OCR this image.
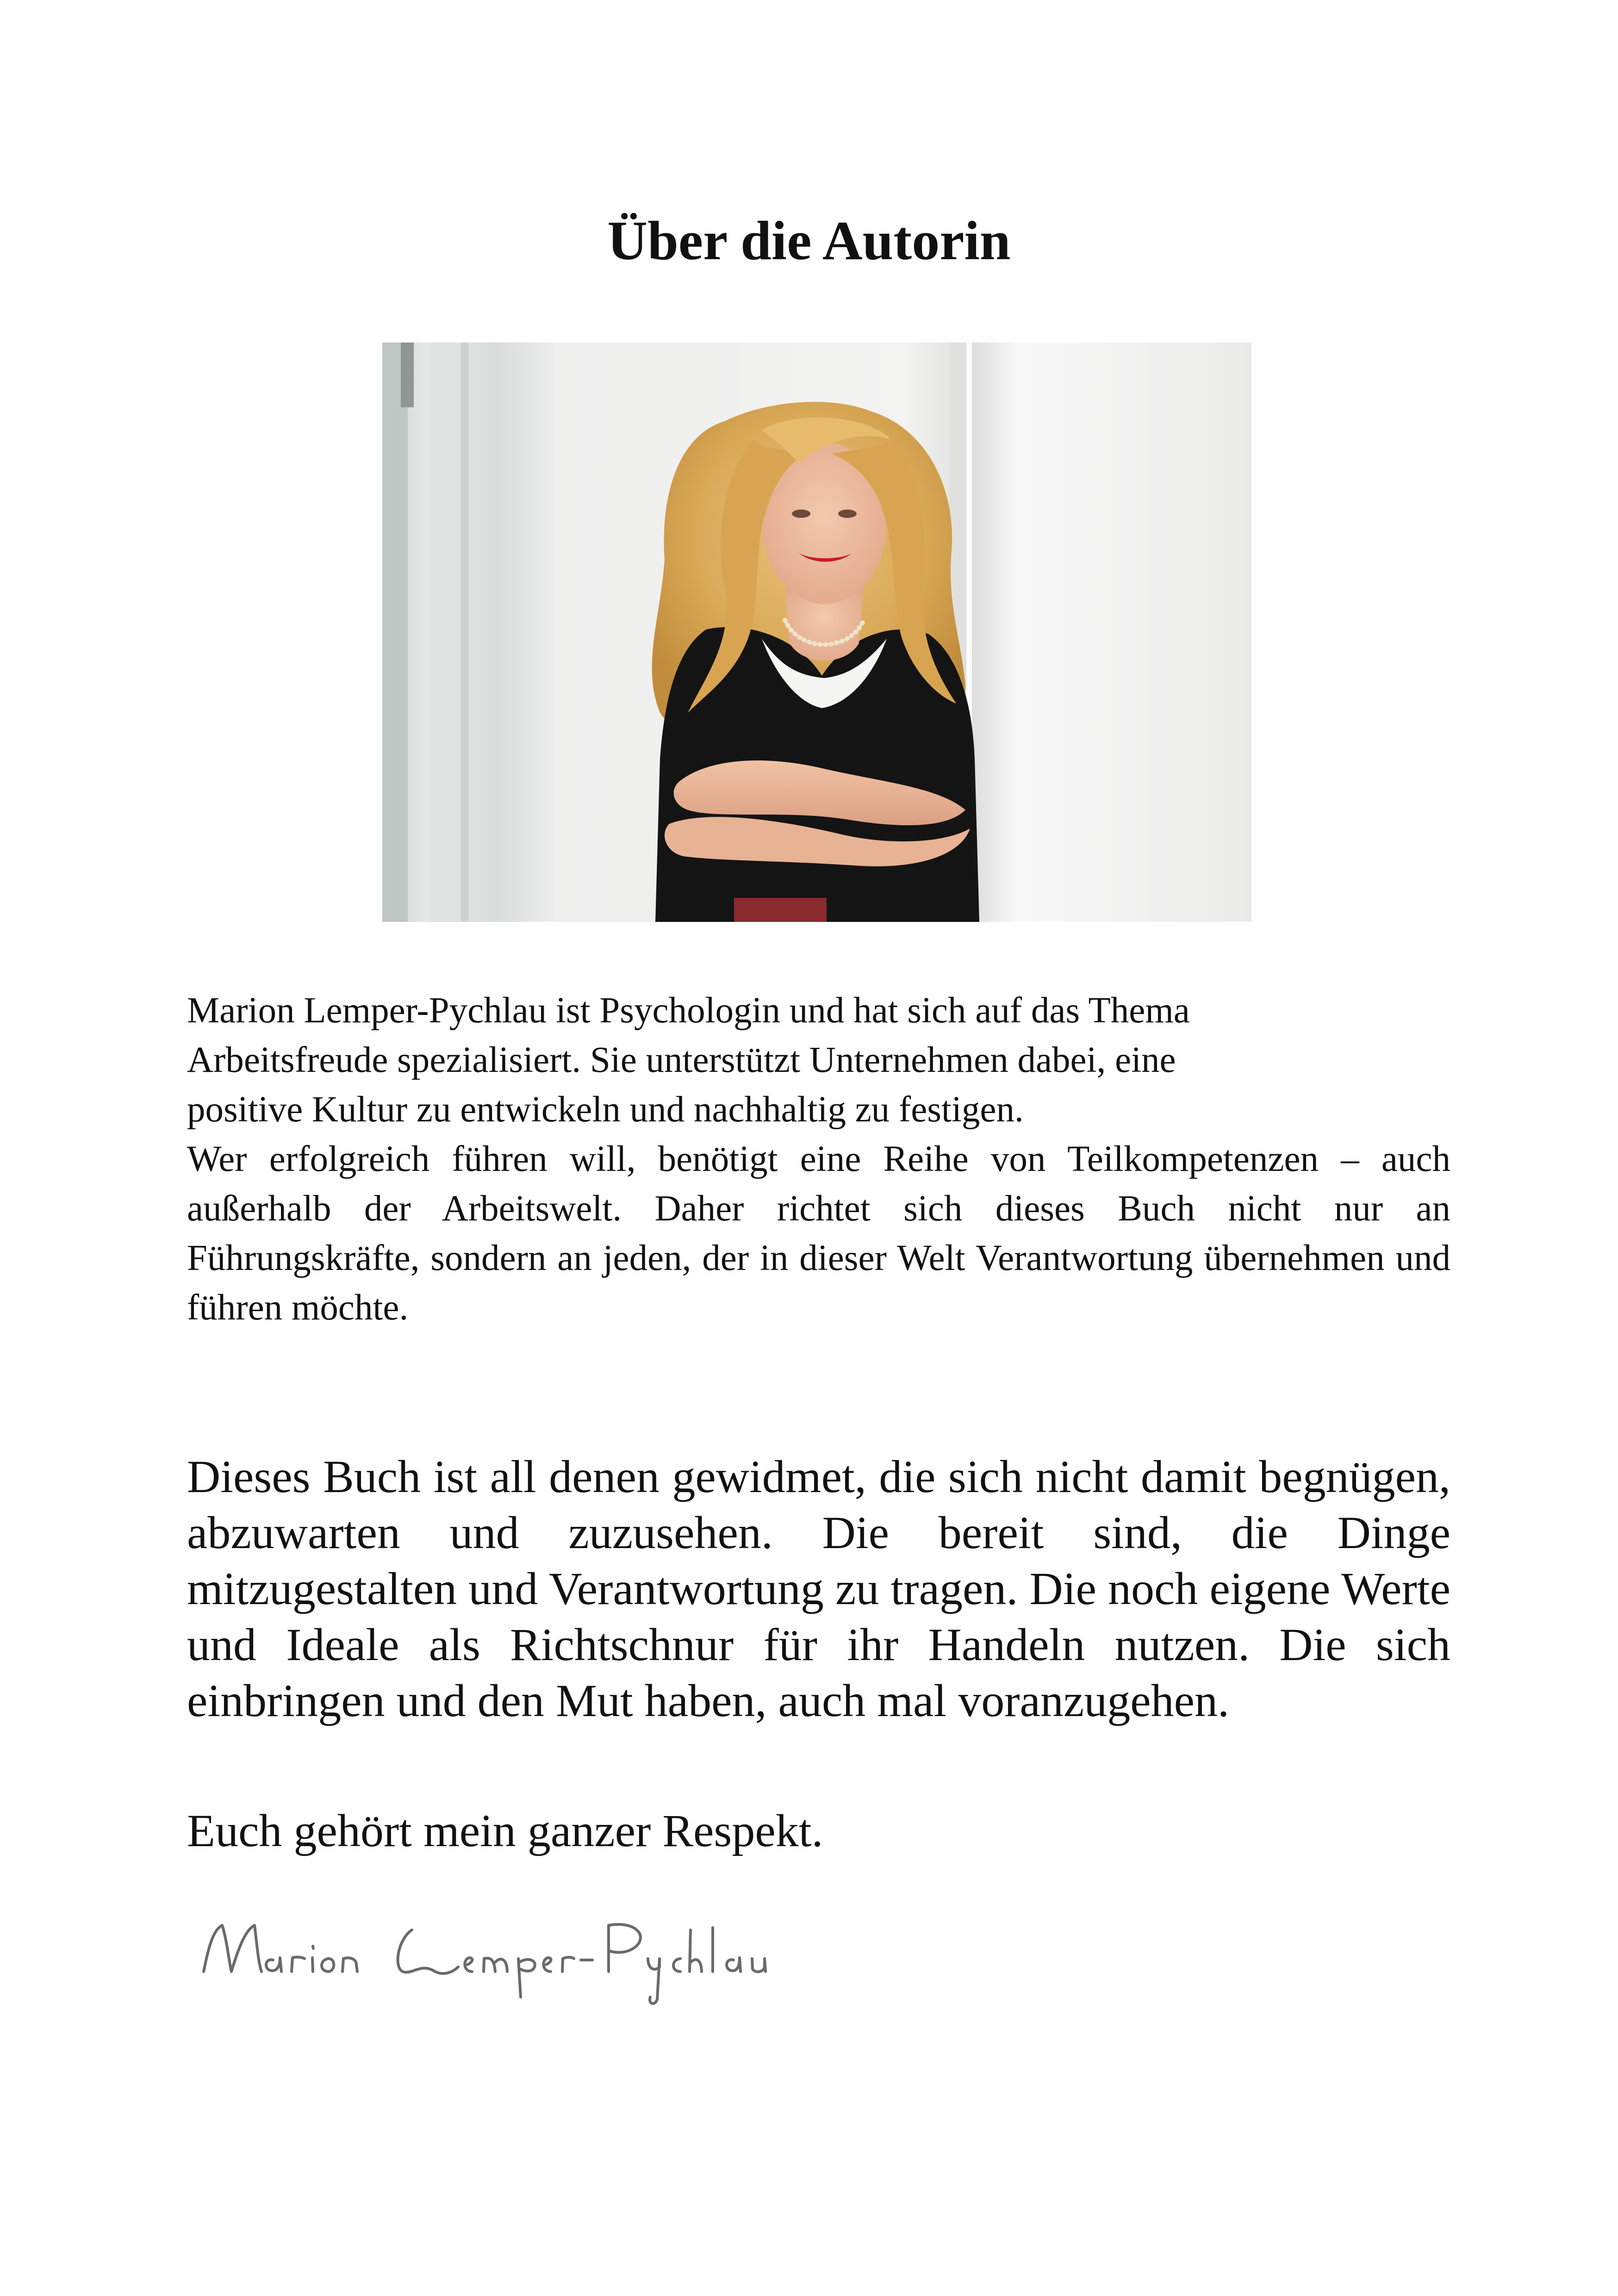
Über die Autorin
Marion Lemper-Pychlau ist Psychologin und hat sich auf das Thema
Arbeitsfreude spezialisiert. Sie unterstützt Unternehmen dabei, eine
positive Kultur zu entwickeln und nachhaltig zu festigen.
Wer erfolgreich führen will, benötigt eine Reihe von Teilkompetenzen – auch außerhalb der Arbeitswelt. Daher richtet sich dieses Buch nicht nur an Führungskräfte, sondern an jeden, der in dieser Welt Verantwortung übernehmen und führen möchte.

Dieses Buch ist all denen gewidmet, die sich nicht damit begnügen, abzuwarten und zuzusehen. Die bereit sind, die Dinge mitzugestalten und Verantwortung zu tragen. Die noch eigene Werte und Ideale als Richtschnur für ihr Handeln nutzen. Die sich einbringen und den Mut haben, auch mal voranzugehen.

Euch gehört mein ganzer Respekt.
